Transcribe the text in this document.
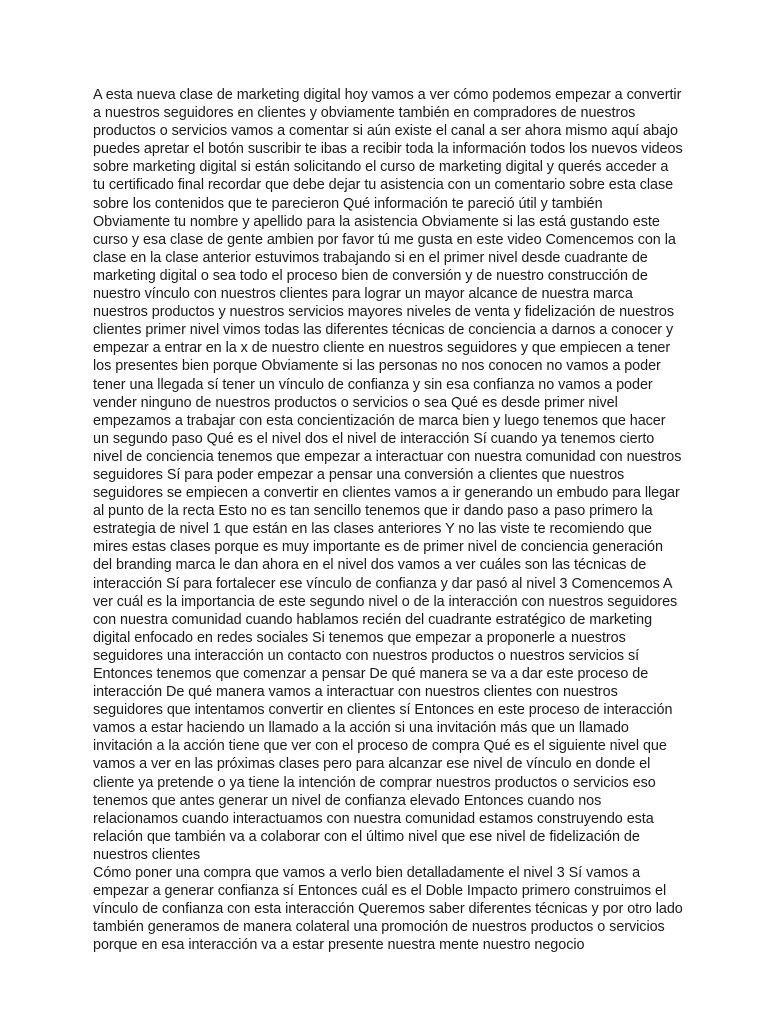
A esta nueva clase de marketing digital hoy vamos a ver cómo podemos empezar a convertir a nuestros seguidores en clientes y obviamente también en compradores de nuestros productos o servicios vamos a comentar si aún existe el canal a ser ahora mismo aquí abajo puedes apretar el botón suscribir te ibas a recibir toda la información todos los nuevos videos sobre marketing digital si están solicitando el curso de marketing digital y querés acceder a tu certificado final recordar que debe dejar tu asistencia con un comentario sobre esta clase sobre los contenidos que te parecieron Qué información te pareció útil y también Obviamente tu nombre y apellido para la asistencia Obviamente si las está gustando este curso y esa clase de gente ambien por favor tú me gusta en este video Comencemos con la clase en la clase anterior estuvimos trabajando si en el primer nivel desde cuadrante de marketing digital o sea todo el proceso bien de conversión y de nuestro construcción de nuestro vínculo con nuestros clientes para lograr un mayor alcance de nuestra marca nuestros productos y nuestros servicios mayores niveles de venta y fidelización de nuestros clientes primer nivel vimos todas las diferentes técnicas de conciencia a darnos a conocer y empezar a entrar en la x de nuestro cliente en nuestros seguidores y que empiecen a tener los presentes bien porque Obviamente si las personas no nos conocen no vamos a poder tener una llegada sí tener un vínculo de confianza y sin esa confianza no vamos a poder vender ninguno de nuestros productos o servicios o sea Qué es desde primer nivel empezamos a trabajar con esta concientización de marca bien y luego tenemos que hacer un segundo paso Qué es el nivel dos el nivel de interacción Sí cuando ya tenemos cierto nivel de conciencia tenemos que empezar a interactuar con nuestra comunidad con nuestros seguidores Sí para poder empezar a pensar una conversión a clientes que nuestros seguidores se empiecen a convertir en clientes vamos a ir generando un embudo para llegar al punto de la recta Esto no es tan sencillo tenemos que ir dando paso a paso primero la estrategia de nivel 1 que están en las clases anteriores Y no las viste te recomiendo que mires estas clases porque es muy importante es de primer nivel de conciencia generación del branding marca le dan ahora en el nivel dos vamos a ver cuáles son las técnicas de interacción Sí para fortalecer ese vínculo de confianza y dar pasó al nivel 3 Comencemos A ver cuál es la importancia de este segundo nivel o de la interacción con nuestros seguidores con nuestra comunidad cuando hablamos recién del cuadrante estratégico de marketing digital enfocado en redes sociales Si tenemos que empezar a proponerle a nuestros seguidores una interacción un contacto con nuestros productos o nuestros servicios sí Entonces tenemos que comenzar a pensar De qué manera se va a dar este proceso de interacción De qué manera vamos a interactuar con nuestros clientes con nuestros seguidores que intentamos convertir en clientes sí Entonces en este proceso de interacción vamos a estar haciendo un llamado a la acción si una invitación más que un llamado invitación a la acción tiene que ver con el proceso de compra Qué es el siguiente nivel que vamos a ver en las próximas clases pero para alcanzar ese nivel de vínculo en donde el cliente ya pretende o ya tiene la intención de comprar nuestros productos o servicios eso tenemos que antes generar un nivel de confianza elevado Entonces cuando nos relacionamos cuando interactuamos con nuestra comunidad estamos construyendo esta relación que también va a colaborar con el último nivel que ese nivel de fidelización de nuestros clientes

Cómo poner una compra que vamos a verlo bien detalladamente el nivel 3 Sí vamos a empezar a generar confianza sí Entonces cuál es el Doble Impacto primero construimos el vínculo de confianza con esta interacción Queremos saber diferentes técnicas y por otro lado también generamos de manera colateral una promoción de nuestros productos o servicios porque en esa interacción va a estar presente nuestra mente nuestro negocio
